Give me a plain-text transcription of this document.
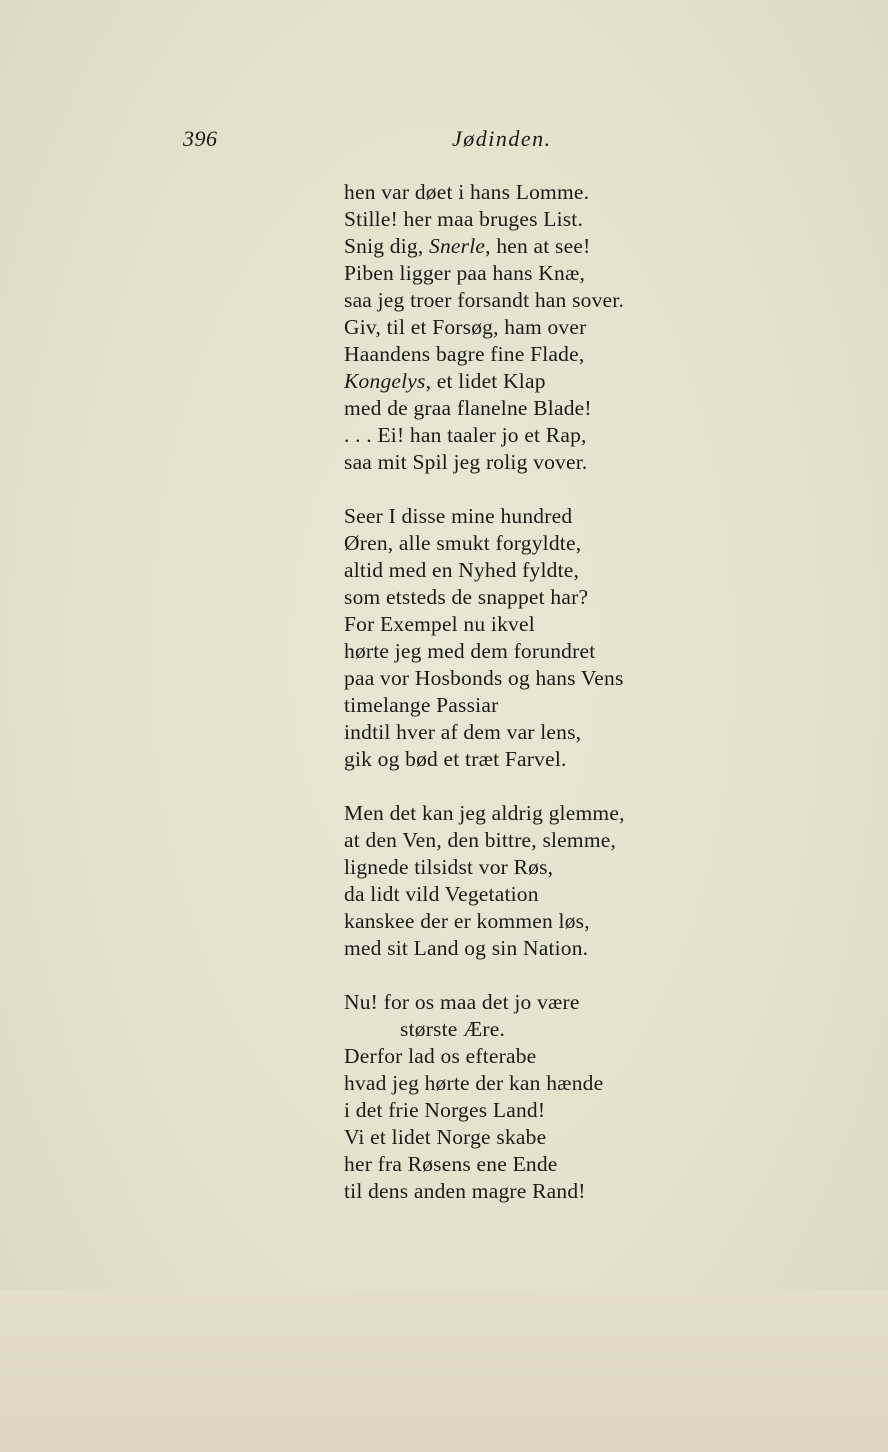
396	Jødinden.
hen var døet i hans Lomme.
Stille! her maa bruges List.
Snig dig, Snerle, hen at see!
Piben ligger paa hans Knæ,
saa jeg troer forsandt han sover.
Giv, til et Forsøg, ham over
Haandens bagre fine Flade,
Kongelys, et lidet Klap
med de graa flanelne Blade!
. . . Ei! han taaler jo et Rap,
saa mit Spil jeg rolig vover.
Seer I disse mine hundred
Øren, alle smukt forgyldte,
altid med en Nyhed fyldte,
som etsteds de snappet har?
For Exempel nu ikvel
hørte jeg med dem forundret
paa vor Hosbonds og hans Vens
timelange Passiar
indtil hver af dem var lens,
gik og bød et træt Farvel.
Men det kan jeg aldrig glemme,
at den Ven, den bittre, slemme,
lignede tilsidst vor Røs,
da lidt vild Vegetation
kanskee der er kommen løs,
med sit Land og sin Nation.
Nu! for os maa det jo være
største Ære.
Derfor lad os efterabe
hvad jeg hørte der kan hænde
i det frie Norges Land!
Vi et lidet Norge skabe
her fra Røsens ene Ende
til dens anden magre Rand!
